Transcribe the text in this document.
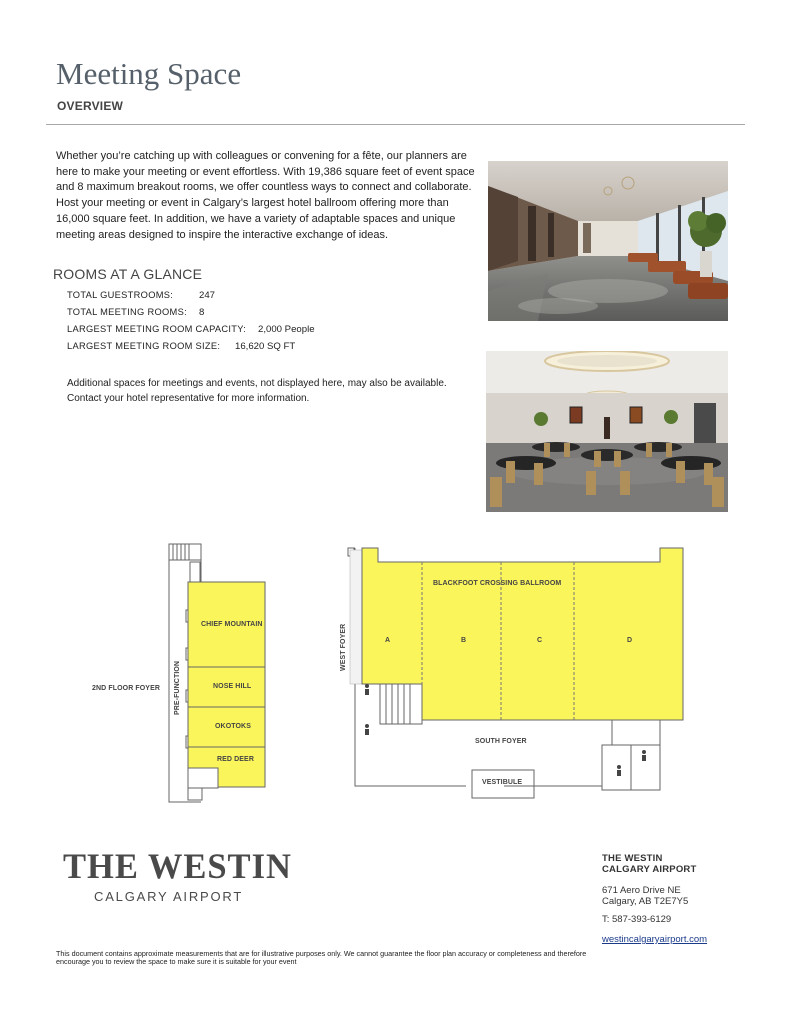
Meeting Space
OVERVIEW
Whether you’re catching up with colleagues or convening for a fête, our planners are here to make your meeting or event effortless. With 19,386 square feet of event space and 8 maximum breakout rooms, we offer countless ways to connect and collaborate. Host your meeting or event in Calgary’s largest hotel ballroom offering more than 16,000 square feet. In addition, we have a variety of adaptable spaces and unique meeting areas designed to inspire the interactive exchange of ideas.
ROOMS AT A GLANCE
TOTAL GUESTROOMS:	247
TOTAL MEETING ROOMS: 8
LARGEST MEETING ROOM CAPACITY: 2,000 People
LARGEST MEETING ROOM SIZE: 16,620 SQ FT
Additional spaces for meetings and events, not displayed here, may also be available. Contact your hotel representative for more information.
CHIEF MOUNTAIN
NOSE HILL
OKOTOKS
RED DEER
2ND FLOOR FOYER PRE-FUNCTION
BLACKFOOT CROSSING BALLROOM
A	B	C	D
WEST FOYER
SOUTH FOYER
VESTIBULE
THE WESTIN
CALGARY AIRPORT
THE WESTIN
CALGARY AIRPORT
671 Aero Drive NE
Calgary, AB T2E7Y5
T: 587-393-6129
westincalgaryairport.com
This document contains approximate measurements that are for illustrative purposes only. We cannot guarantee the floor plan accuracy or completeness and therefore encourage you to review the space to make sure it is suitable for your event
